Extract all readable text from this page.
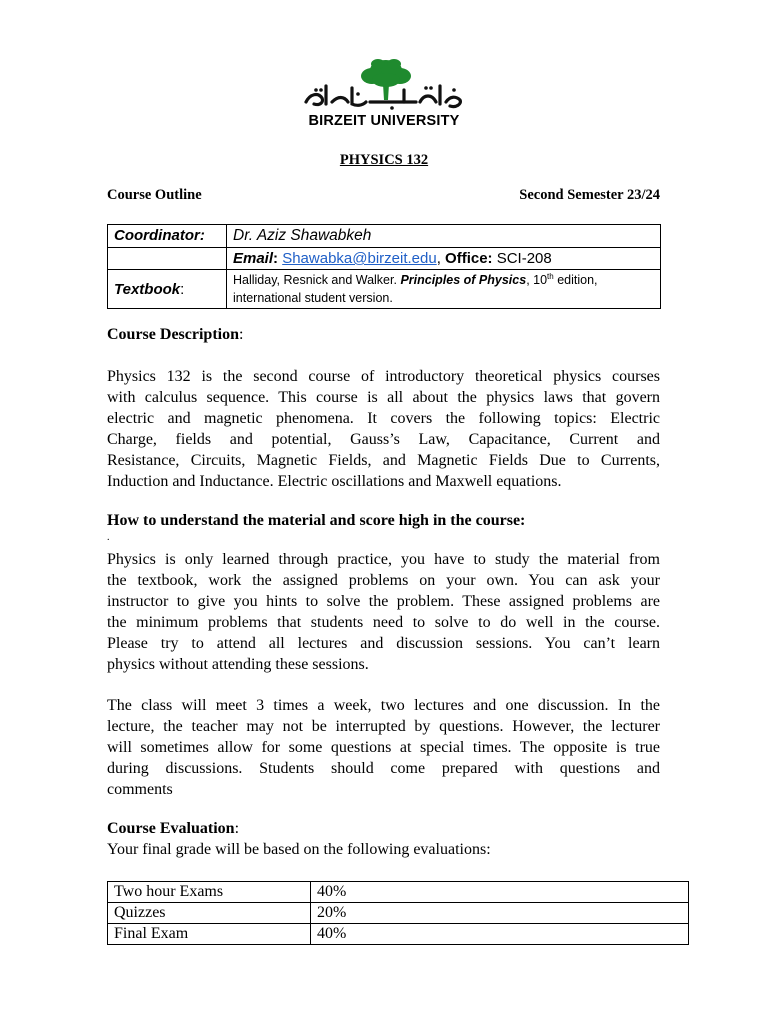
BIRZEIT UNIVERSITY
PHYSICS 132
Course Outline	Second Semester 23/24
Coordinator:	Dr. Aziz Shawabkeh
	Email: Shawabka@birzeit.edu, Office: SCI-208
Textbook:	Halliday, Resnick and Walker. Principles of Physics, 10th edition,
international student version.
Course Description:
Physics 132 is the second course of introductory theoretical physics courses
with calculus sequence. This course is all about the physics laws that govern
electric and magnetic phenomena. It covers the following topics: Electric
Charge, fields and potential, Gauss’s Law, Capacitance, Current and
Resistance, Circuits, Magnetic Fields, and Magnetic Fields Due to Currents,
Induction and Inductance. Electric oscillations and Maxwell equations.
How to understand the material and score high in the course:
.
Physics is only learned through practice, you have to study the material from
the textbook, work the assigned problems on your own. You can ask your
instructor to give you hints to solve the problem. These assigned problems are
the minimum problems that students need to solve to do well in the course.
Please try to attend all lectures and discussion sessions. You can’t learn
physics without attending these sessions.
The class will meet 3 times a week, two lectures and one discussion. In the
lecture, the teacher may not be interrupted by questions. However, the lecturer
will sometimes allow for some questions at special times. The opposite is true
during discussions. Students should come prepared with questions and
comments
Course Evaluation:
Your final grade will be based on the following evaluations:
Two hour Exams	40%
Quizzes	20%
Final Exam	40%
